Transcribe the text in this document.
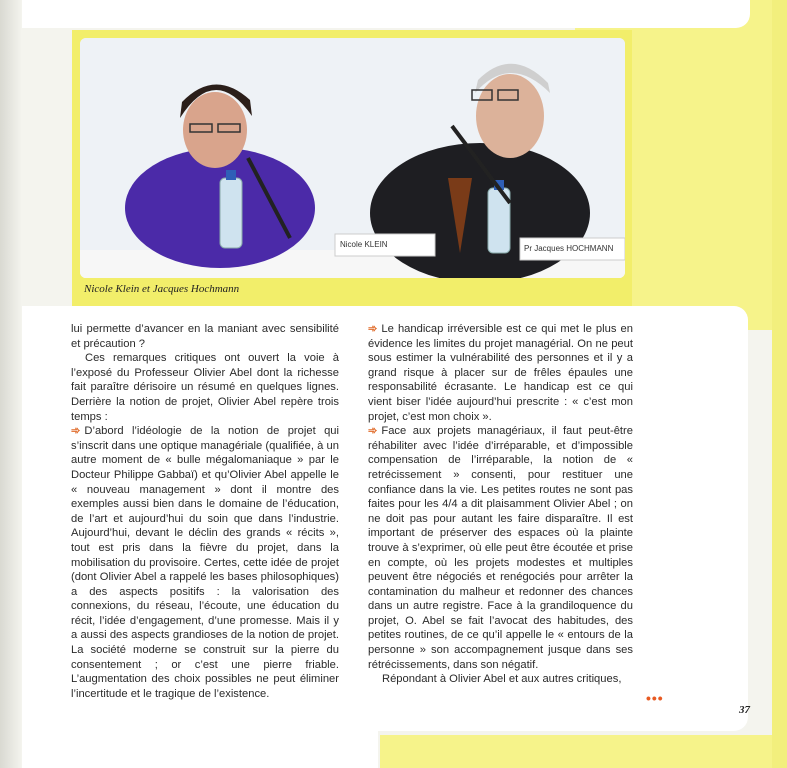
Nicole KLEIN	Pr Jacques HOCHMANN
Nicole Klein et Jacques Hochmann

lui permette d’avancer en la maniant avec sensibilité et précaution ?

Ces remarques critiques ont ouvert la voie à l’exposé du Professeur Olivier Abel dont la richesse fait paraître dérisoire un résumé en quelques lignes. Derrière la notion de projet, Olivier Abel repère trois temps :

➾ D’abord l’idéologie de la notion de projet qui s’inscrit dans une optique managériale (qualifiée, à un autre moment de « bulle mégalomaniaque » par le Docteur Philippe Gabbaï) et qu’Olivier Abel appelle le « nouveau management » dont il montre des exemples aussi bien dans le domaine de l’éducation, de l’art et aujourd’hui du soin que dans l’industrie. Aujourd’hui, devant le déclin des grands « récits », tout est pris dans la fièvre du projet, dans la mobilisation du provisoire. Certes, cette idée de projet (dont Olivier Abel a rappelé les bases philosophiques) a des aspects positifs : la valorisation des connexions, du réseau, l’écoute, une éducation du récit, l’idée d’engagement, d’une promesse. Mais il y a aussi des aspects grandioses de la notion de projet. La société moderne se construit sur la pierre du consentement ; or c’est une pierre friable. L’augmentation des choix possibles ne peut éliminer l’incertitude et le tragique de l’existence.

➾ Le handicap irréversible est ce qui met le plus en évidence les limites du projet managérial. On ne peut sous estimer la vulnérabilité des personnes et il y a grand risque à placer sur de frêles épaules une responsabilité écrasante. Le handicap est ce qui vient biser l’idée aujourd’hui prescrite : « c’est mon projet, c’est mon choix ».

➾ Face aux projets managériaux, il faut peut-être réhabiliter avec l’idée d’irréparable, et d’impossible compensation de l’irréparable, la notion de « retrécissement » consenti, pour restituer une confiance dans la vie. Les petites routes ne sont pas faites pour les 4/4 a dit plaisamment Olivier Abel ; on ne doit pas pour autant les faire disparaître. Il est important de préserver des espaces où la plainte trouve à s’exprimer, où elle peut être écoutée et prise en compte, où les projets modestes et multiples peuvent être négociés et renégociés pour arrêter la contamination du malheur et redonner des chances dans un autre registre. Face à la grandiloquence du projet, O. Abel se fait l’avocat des habitudes, des petites routines, de ce qu’il appelle le « entours de la personne » son accompagnement jusque dans ses rétrécissements, dans son négatif.

Répondant à Olivier Abel et aux autres critiques,

•••
37
